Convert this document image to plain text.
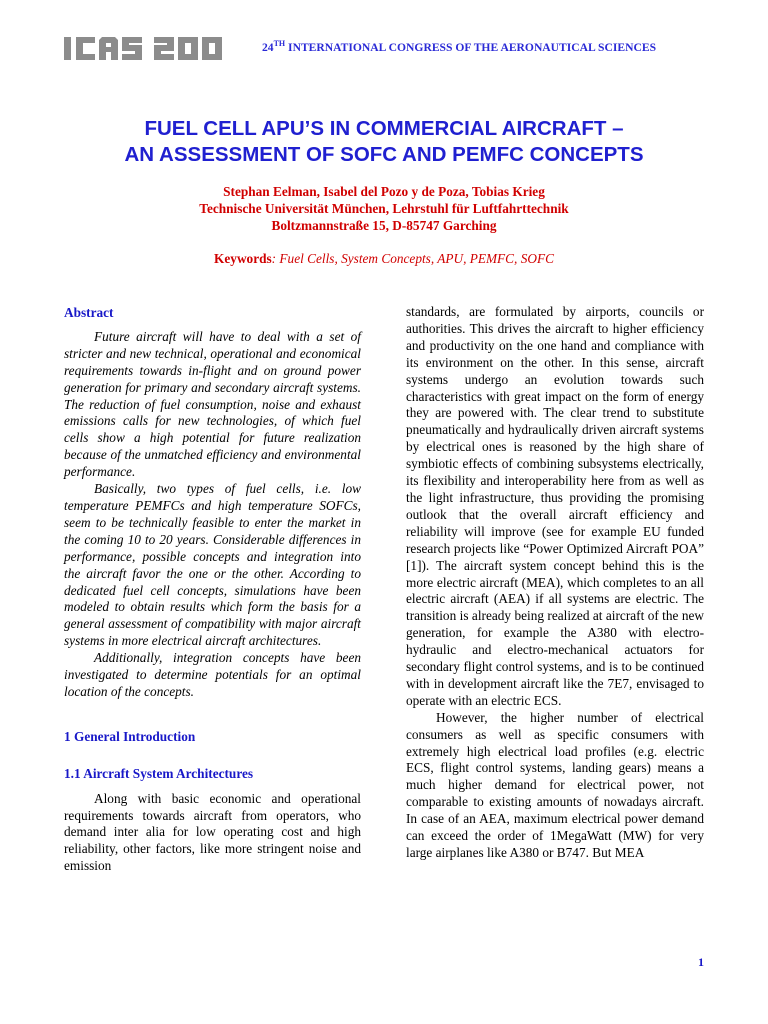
24TH INTERNATIONAL CONGRESS OF THE AERONAUTICAL SCIENCES
FUEL CELL APU’S IN COMMERCIAL AIRCRAFT –
AN ASSESSMENT OF SOFC AND PEMFC CONCEPTS
Stephan Eelman, Isabel del Pozo y de Poza, Tobias Krieg
Technische Universität München, Lehrstuhl für Luftfahrttechnik
Boltzmannstraße 15, D-85747 Garching
Keywords: Fuel Cells, System Concepts, APU, PEMFC, SOFC
Abstract

Future aircraft will have to deal with a set of stricter and new technical, operational and economical requirements towards in-flight and on ground power generation for primary and secondary aircraft systems. The reduction of fuel consumption, noise and exhaust emissions calls for new technologies, of which fuel cells show a high potential for future realization because of the unmatched efficiency and environmental performance.

Basically, two types of fuel cells, i.e. low temperature PEMFCs and high temperature SOFCs, seem to be technically feasible to enter the market in the coming 10 to 20 years. Considerable differences in performance, possible concepts and integration into the aircraft favor the one or the other. According to dedicated fuel cell concepts, simulations have been modeled to obtain results which form the basis for a general assessment of compatibility with major aircraft systems in more electrical aircraft architectures.

Additionally, integration concepts have been investigated to determine potentials for an optimal location of the concepts.

1 General Introduction
1.1 Aircraft System Architectures

Along with basic economic and operational requirements towards aircraft from operators, who demand inter alia for low operating cost and high reliability, other factors, like more stringent noise and emission

standards, are formulated by airports, councils or authorities. This drives the aircraft to higher efficiency and productivity on the one hand and compliance with its environment on the other. In this sense, aircraft systems undergo an evolution towards such characteristics with great impact on the form of energy they are powered with. The clear trend to substitute pneumatically and hydraulically driven aircraft systems by electrical ones is reasoned by the high share of symbiotic effects of combining subsystems electrically, its flexibility and interoperability here from as well as the light infrastructure, thus providing the promising outlook that the overall aircraft efficiency and reliability will improve (see for example EU funded research projects like “Power Optimized Aircraft POA” [1]). The aircraft system concept behind this is the more electric aircraft (MEA), which completes to an all electric aircraft (AEA) if all systems are electric. The transition is already being realized at aircraft of the new generation, for example the A380 with electro-hydraulic and electro-mechanical actuators for secondary flight control systems, and is to be continued with in development aircraft like the 7E7, envisaged to operate with an electric ECS.

However, the higher number of electrical consumers as well as specific consumers with extremely high electrical load profiles (e.g. electric ECS, flight control systems, landing gears) means a much higher demand for electrical power, not comparable to existing amounts of nowadays aircraft. In case of an AEA, maximum electrical power demand can exceed the order of 1MegaWatt (MW) for very large airplanes like A380 or B747. But MEA

1
